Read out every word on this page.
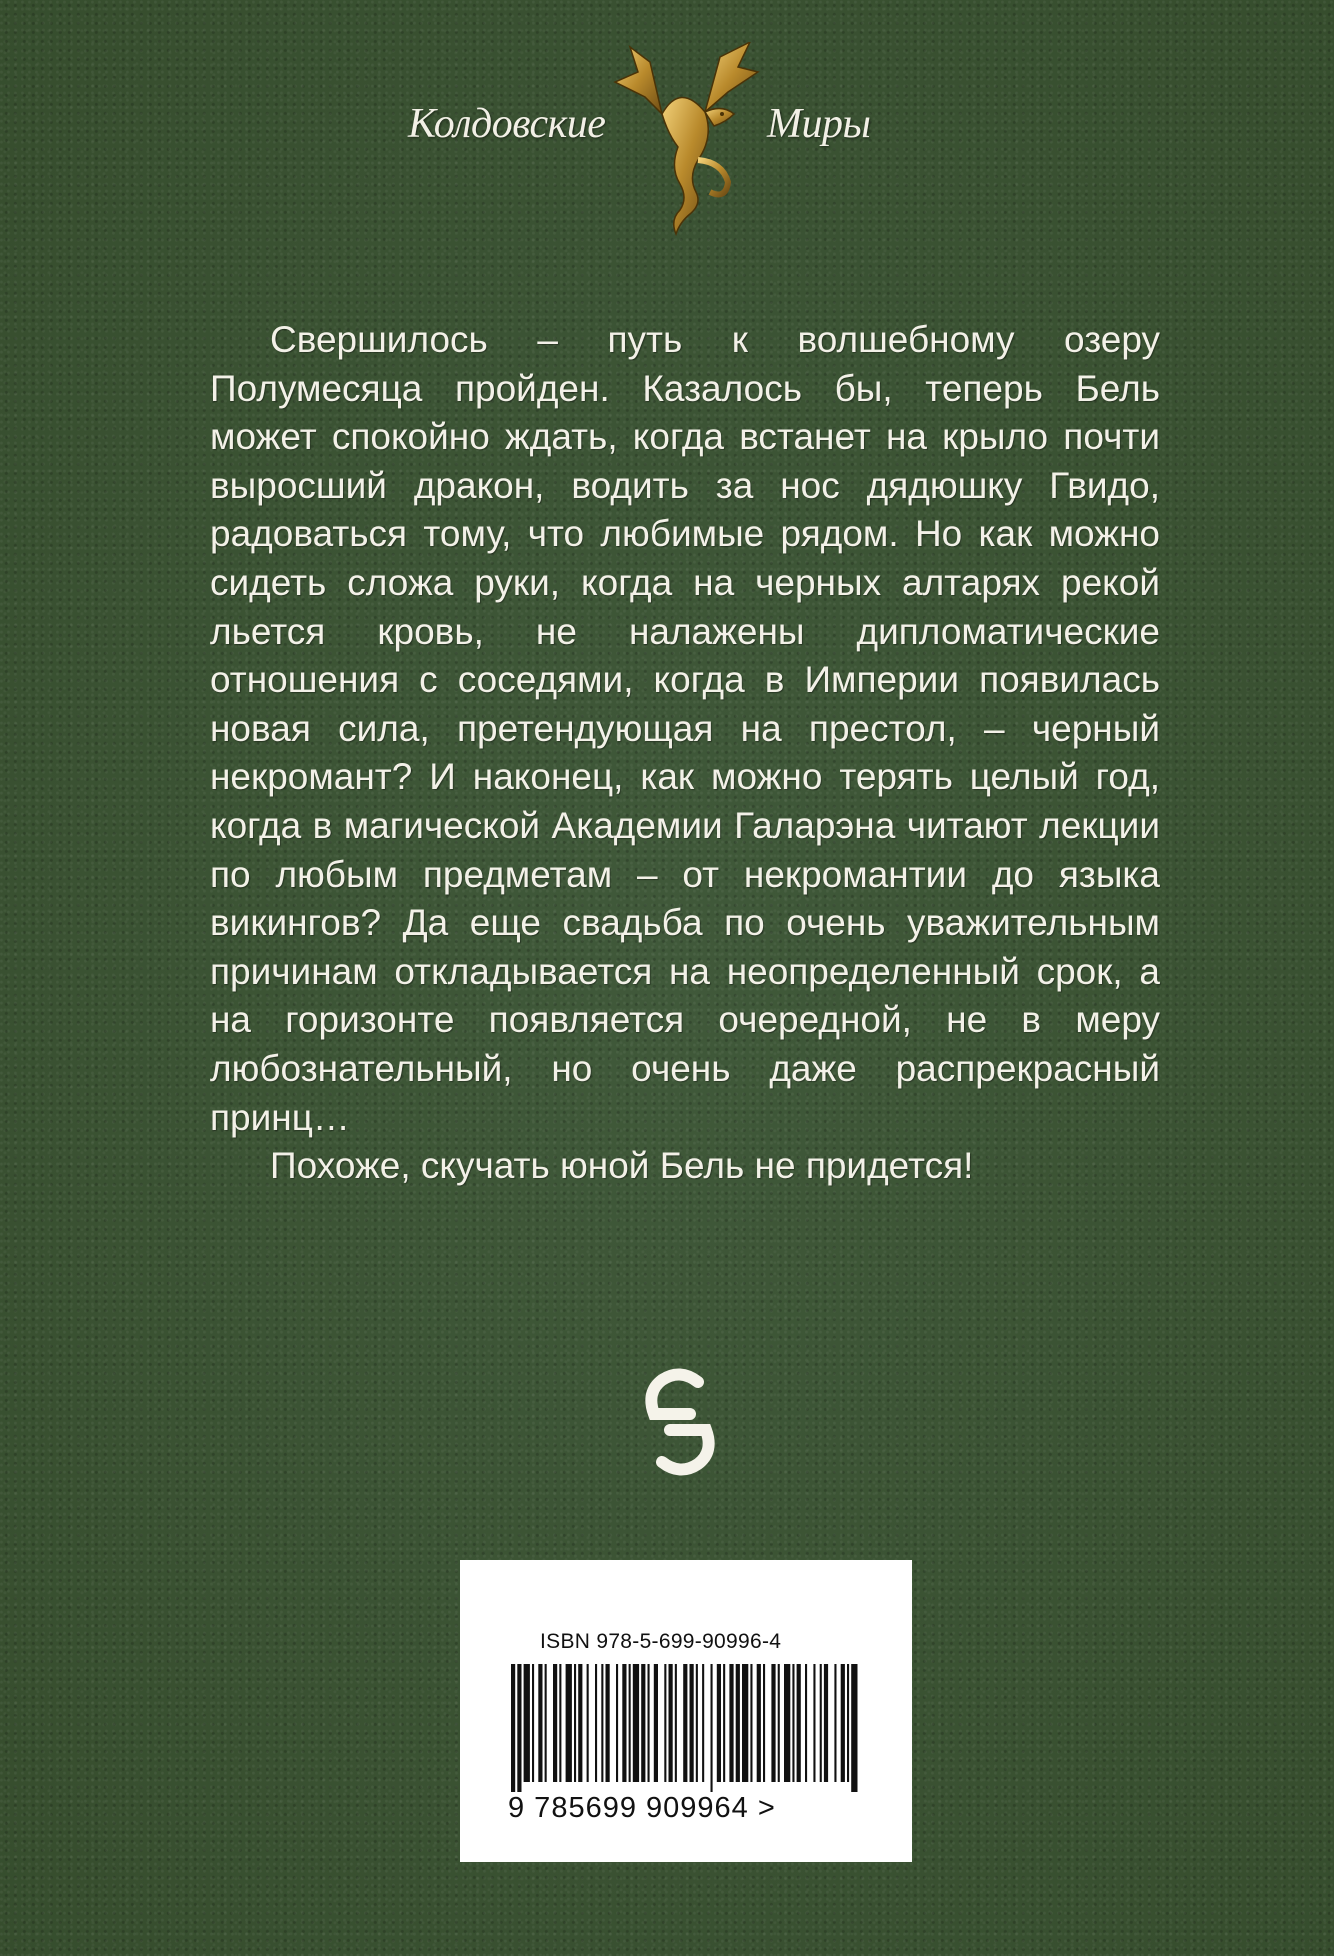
Колдовские	Миры

Свершилось – путь к волшебному озеру Полумесяца пройден. Казалось бы, теперь Бель может спокойно ждать, когда встанет на крыло почти выросший дракон, водить за нос дядюшку Гвидо, радоваться тому, что любимые рядом. Но как можно сидеть сложа руки, когда на черных алтарях рекой льется кровь, не налажены дипломатические отношения с соседями, когда в Империи появилась новая сила, претендующая на престол, – черный некромант? И наконец, как можно терять целый год, когда в магической Академии Галарэна читают лекции по любым предметам – от некромантии до языка викингов? Да еще свадьба по очень уважительным причинам откладывается на неопределенный срок, а на горизонте появляется очередной, не в меру любознательный, но очень даже распрекрасный принц…

Похоже, скучать юной Бель не придется!

ISBN 978-5-699-90996-4
9 785699 909964 >
